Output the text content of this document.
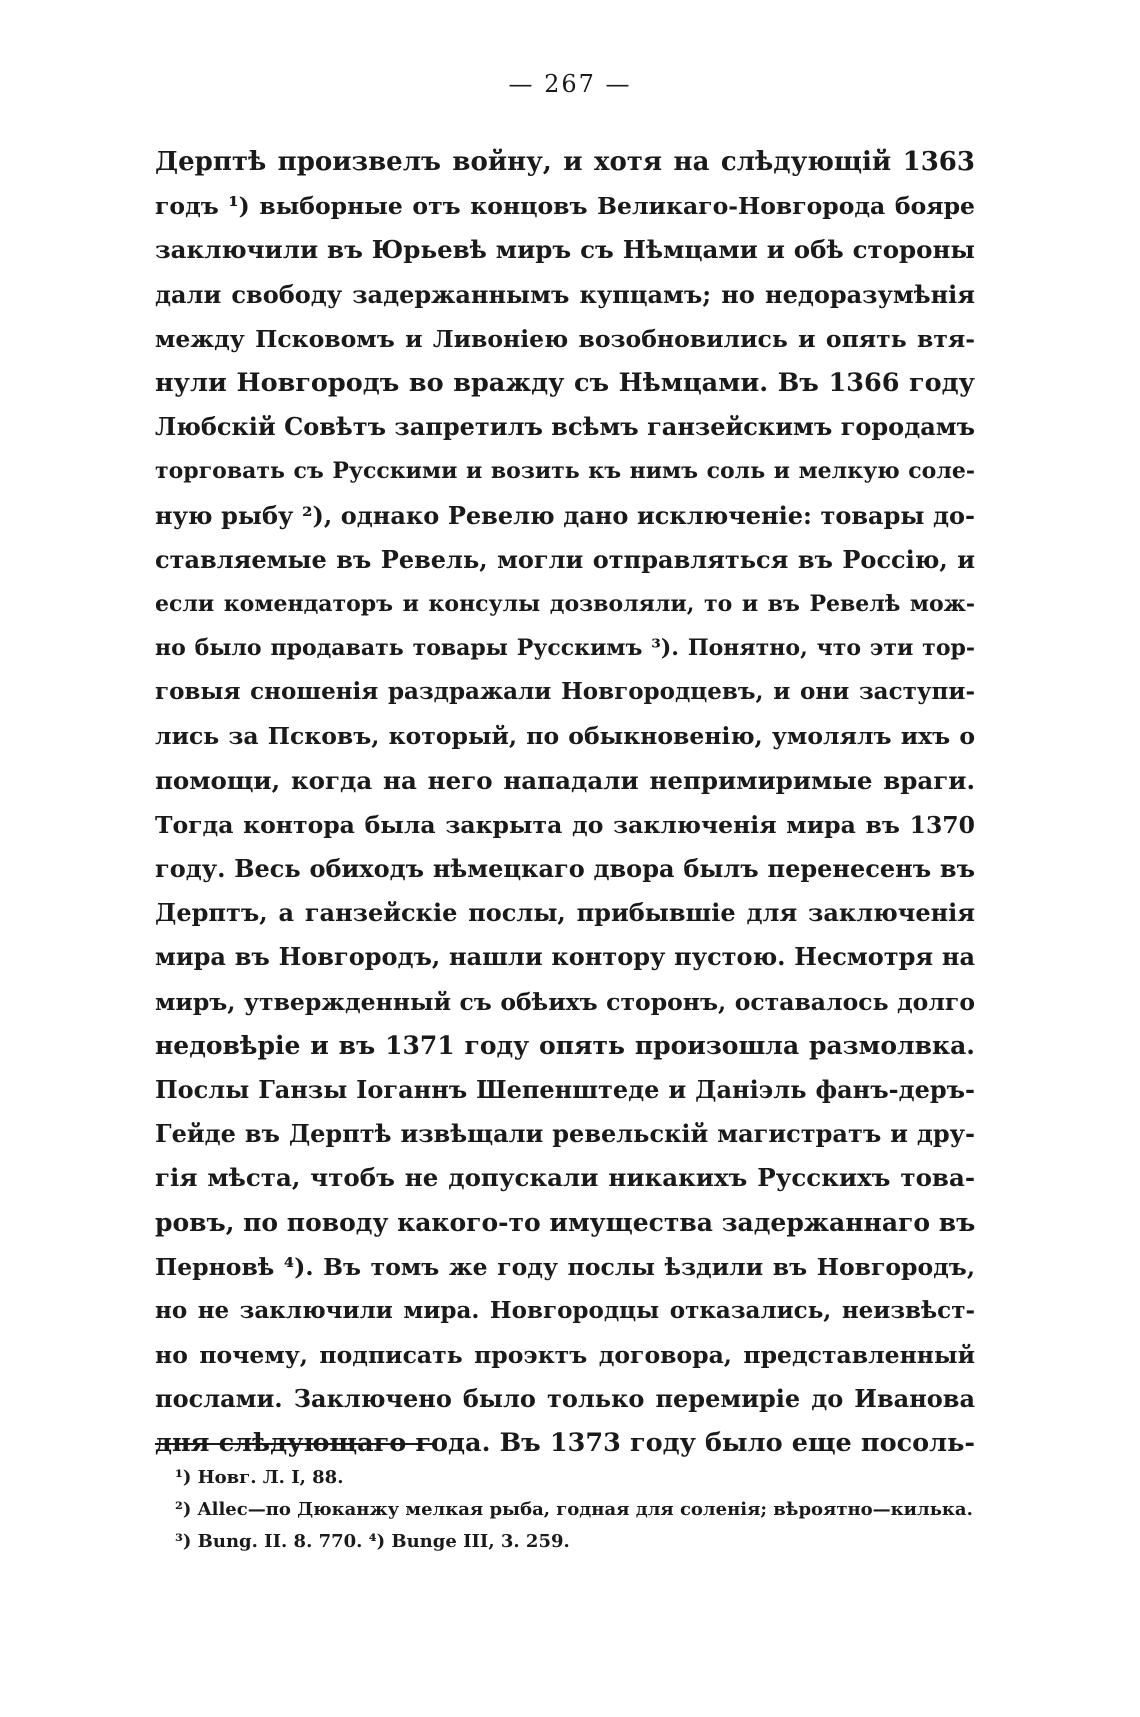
— 267 —
Дерптѣ произвелъ войну, и хотя на слѣдующій 1363
годъ ¹) выборные отъ концовъ Великаго-Новгорода бояре
заключили въ Юрьевѣ миръ съ Нѣмцами и обѣ стороны
дали свободу задержаннымъ купцамъ; но недоразумѣнія
между Псковомъ и Ливоніею возобновились и опять втя-
нули Новгородъ во вражду съ Нѣмцами. Въ 1366 году
Любскій Совѣтъ запретилъ всѣмъ ганзейскимъ городамъ
торговать съ Русскими и возить къ нимъ соль и мелкую соле-
ную рыбу ²), однако Ревелю дано исключеніе: товары до-
ставляемые въ Ревель, могли отправляться въ Россію, и
если комендаторъ и консулы дозволяли, то и въ Ревелѣ мож-
но было продавать товары Русскимъ ³). Понятно, что эти тор-
говыя сношенія раздражали Новгородцевъ, и они заступи-
лись за Псковъ, который, по обыкновенію, умолялъ ихъ о
помощи, когда на него нападали непримиримые враги.
Тогда контора была закрыта до заключенія мира въ 1370
году. Весь обиходъ нѣмецкаго двора былъ перенесенъ въ
Дерптъ, а ганзейскіе послы, прибывшіе для заключенія
мира въ Новгородъ, нашли контору пустою. Несмотря на
миръ, утвержденный съ обѣихъ сторонъ, оставалось долго
недовѣріе и въ 1371 году опять произошла размолвка.
Послы Ганзы Іоганнъ Шепенштеде и Даніэль фанъ-деръ-
Гейде въ Дерптѣ извѣщали ревельскій магистратъ и дру-
гія мѣста, чтобъ не допускали никакихъ Русскихъ това-
ровъ, по поводу какого-то имущества задержаннаго въ
Перновѣ ⁴). Въ томъ же году послы ѣздили въ Новгородъ,
но не заключили мира. Новгородцы отказались, неизвѣст-
но почему, подписать проэктъ договора, представленный
послами. Заключено было только перемиріе до Иванова
дня слѣдующаго года. Въ 1373 году было еще посоль-
¹) Новг. Л. I, 88.
²) Allec—по Дюканжу мелкая рыба, годная для соленія; вѣроятно—килька.
³) Bung. II. 8. 770. ⁴) Bunge III, 3. 259.
